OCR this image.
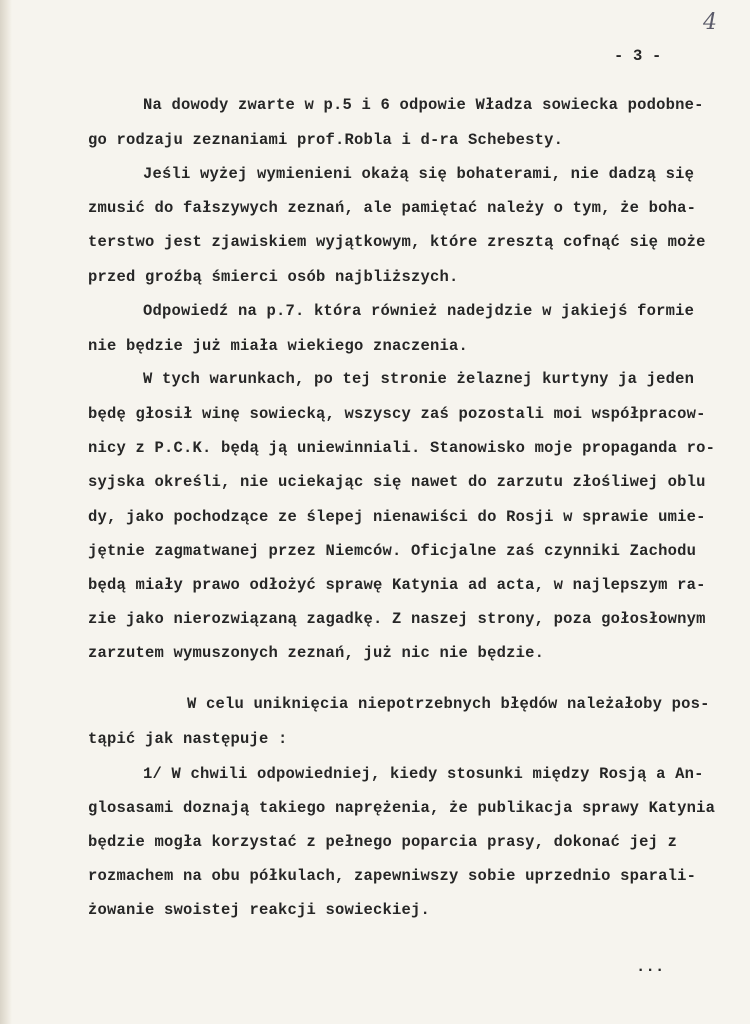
4
- 3 -
Na dowody zwarte w p.5 i 6 odpowie Władza sowiecka podobne-
go rodzaju zeznaniami prof.Robla i d-ra Schebesty.
Jeśli wyżej wymienieni okażą się bohaterami, nie dadzą się
zmusić do fałszywych zeznań, ale pamiętać należy o tym, że boha-
terstwo jest zjawiskiem wyjątkowym, które zresztą cofnąć się może
przed groźbą śmierci osób najbliższych.
Odpowiedź na p.7. która również nadejdzie w jakiejś formie
nie będzie już miała wiekiego znaczenia.
W tych warunkach, po tej stronie żelaznej kurtyny ja jeden
będę głosił winę sowiecką, wszyscy zaś pozostali moi współpracow-
nicy z P.C.K. będą ją uniewinniali. Stanowisko moje propaganda ro-
syjska określi, nie uciekając się nawet do zarzutu złośliwej oblu
dy, jako pochodzące ze ślepej nienawiści do Rosji w sprawie umie-
jętnie zagmatwanej przez Niemców. Oficjalne zaś czynniki Zachodu
będą miały prawo odłożyć sprawę Katynia ad acta, w najlepszym ra-
zie jako nierozwiązaną zagadkę. Z naszej strony, poza gołosłownym
zarzutem wymuszonych zeznań, już nic nie będzie.
W celu uniknięcia niepotrzebnych błędów należałoby pos-
tąpić jak następuje :
1/ W chwili odpowiedniej, kiedy stosunki między Rosją a An-
glosasami doznają takiego naprężenia, że publikacja sprawy Katynia
będzie mogła korzystać z pełnego poparcia prasy, dokonać jej z
rozmachem na obu półkulach, zapewniwszy sobie uprzednio sparali-
żowanie swoistej reakcji sowieckiej.
...
